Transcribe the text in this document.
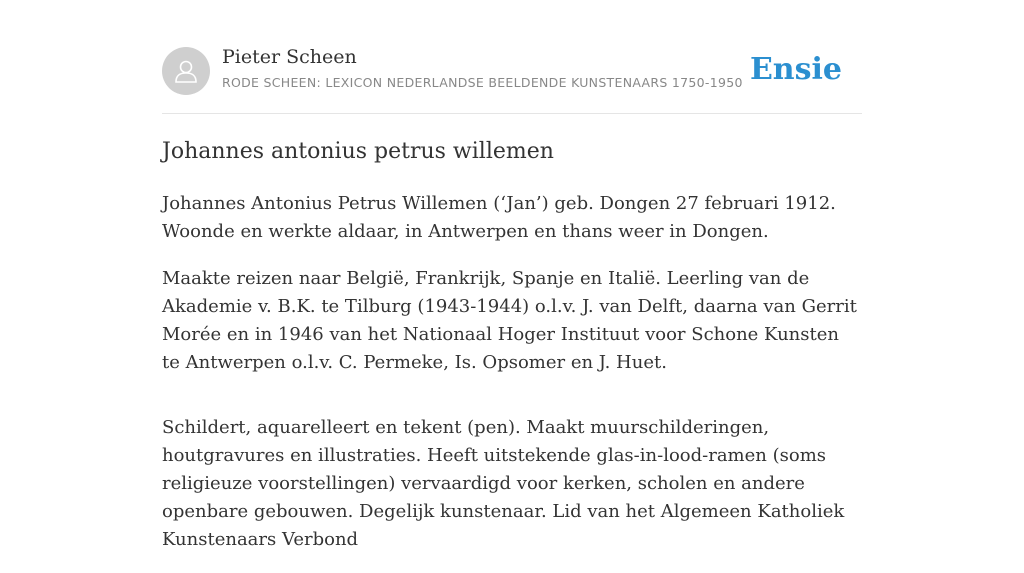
Pieter Scheen
RODE SCHEEN: LEXICON NEDERLANDSE BEELDENDE KUNSTENAARS 1750-1950 Ensie
Johannes antonius petrus willemen

Johannes Antonius Petrus Willemen (‘Jan’) geb. Dongen 27 februari 1912. Woonde en werkte aldaar, in Antwerpen en thans weer in Dongen.

Maakte reizen naar België, Frankrijk, Spanje en Italië. Leerling van de Akademie v. B.K. te Tilburg (1943-1944) o.l.v. J. van Delft, daarna van Gerrit Morée en in 1946 van het Nationaal Hoger Instituut voor Schone Kunsten te Antwerpen o.l.v. C. Permeke, Is. Opsomer en J. Huet.

Schildert, aquarelleert en tekent (pen). Maakt muurschilderingen, houtgravures en illustraties. Heeft uitstekende glas-in-lood-ramen (soms religieuze voorstellingen) vervaardigd voor kerken, scholen en andere openbare gebouwen. Degelijk kunstenaar. Lid van het Algemeen Katholiek Kunstenaars Verbond
